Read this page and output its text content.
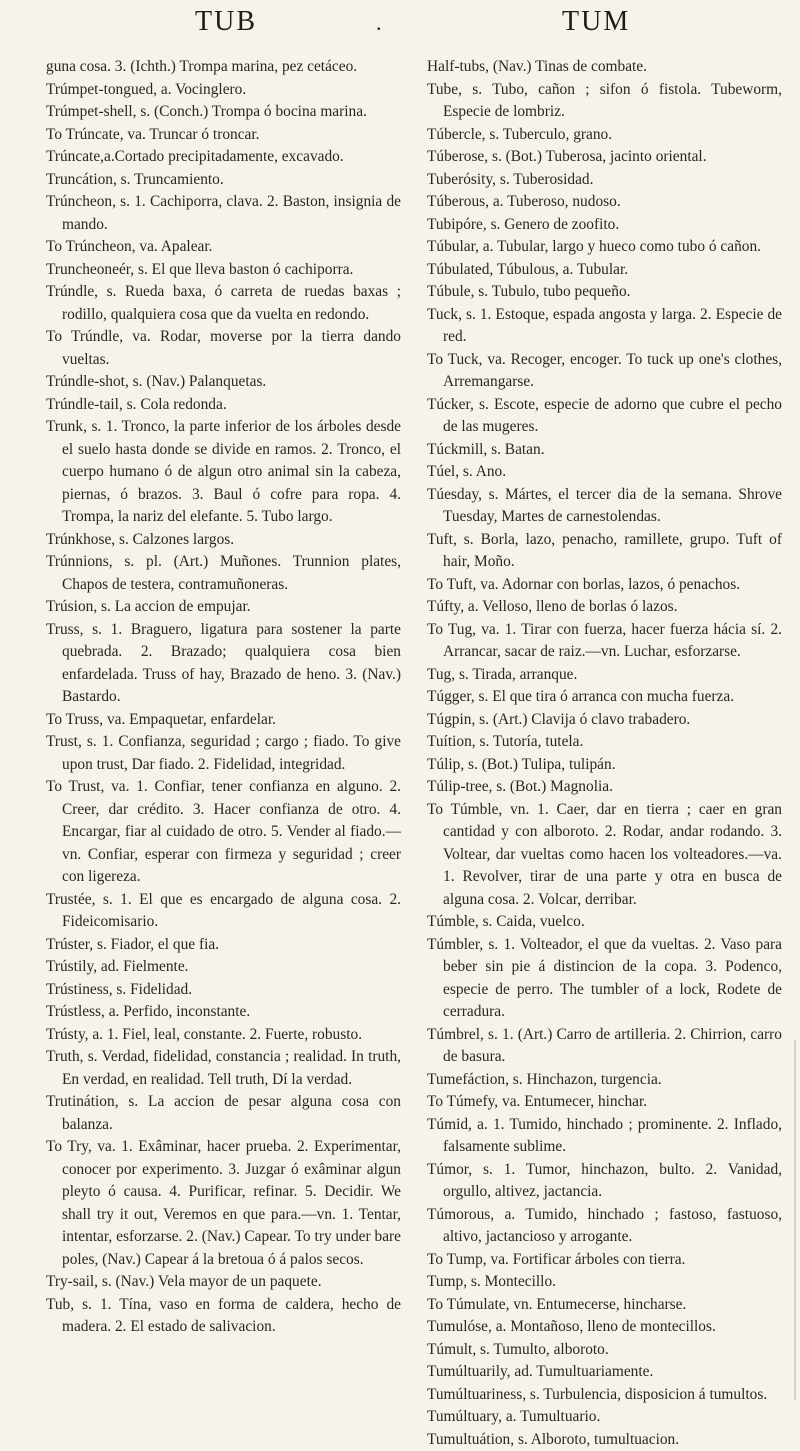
TUB	.	TUM
guna cosa. 3. (Ichth.) Trompa marina, pez cetáceo.
Trúmpet-tongued, a. Vocinglero.
Trúmpet-shell, s. (Conch.) Trompa ó bocina marina.
To Trúncate, va. Truncar ó troncar.
Trúncate,a.Cortado precipitadamente, excavado.
Truncátion, s. Truncamiento.
Trúncheon, s. 1. Cachiporra, clava. 2. Baston, insignia de mando.
To Trúncheon, va. Apalear.
Truncheoneér, s. El que lleva baston ó cachiporra.
Trúndle, s. Rueda baxa, ó carreta de ruedas baxas ; rodillo, qualquiera cosa que da vuelta en redondo.
To Trúndle, va. Rodar, moverse por la tierra dando vueltas.
Trúndle-shot, s. (Nav.) Palanquetas.
Trúndle-tail, s. Cola redonda.
Trunk, s. 1. Tronco, la parte inferior de los árboles desde el suelo hasta donde se divide en ramos. 2. Tronco, el cuerpo humano ó de algun otro animal sin la cabeza, piernas, ó brazos. 3. Baul ó cofre para ropa. 4. Trompa, la nariz del elefante. 5. Tubo largo.
Trúnkhose, s. Calzones largos.
Trúnnions, s. pl. (Art.) Muñones. Trunnion plates, Chapos de testera, contramuñoneras.
Trúsion, s. La accion de empujar.
Truss, s. 1. Braguero, ligatura para sostener la parte quebrada. 2. Brazado; qualquiera cosa bien enfardelada. Truss of hay, Brazado de heno. 3. (Nav.) Bastardo.
To Truss, va. Empaquetar, enfardelar.
Trust, s. 1. Confianza, seguridad ; cargo ; fiado. To give upon trust, Dar fiado. 2. Fidelidad, integridad.
To Trust, va. 1. Confiar, tener confianza en alguno. 2. Creer, dar crédito. 3. Hacer confianza de otro. 4. Encargar, fiar al cuidado de otro. 5. Vender al fiado.—vn. Confiar, esperar con firmeza y seguridad ; creer con ligereza.
Trustée, s. 1. El que es encargado de alguna cosa. 2. Fideicomisario.
Trúster, s. Fiador, el que fia.
Trústily, ad. Fielmente.
Trústiness, s. Fidelidad.
Trústless, a. Perfido, inconstante.
Trústy, a. 1. Fiel, leal, constante. 2. Fuerte, robusto.
Truth, s. Verdad, fidelidad, constancia ; realidad. In truth, En verdad, en realidad. Tell truth, Dí la verdad.
Trutinátion, s. La accion de pesar alguna cosa con balanza.
To Try, va. 1. Exâminar, hacer prueba. 2. Experimentar, conocer por experimento. 3. Juzgar ó exâminar algun pleyto ó causa. 4. Purificar, refinar. 5. Decidir. We shall try it out, Veremos en que para.—vn. 1. Tentar, intentar, esforzarse. 2. (Nav.) Capear. To try under bare poles, (Nav.) Capear á la bretoua ó á palos secos.
Try-sail, s. (Nav.) Vela mayor de un paquete.
Tub, s. 1. Tína, vaso en forma de caldera, hecho de madera. 2. El estado de salivacion.
Half-tubs, (Nav.) Tinas de combate.
Tube, s. Tubo, cañon ; sifon ó fistola. Tubeworm, Especie de lombriz.
Túbercle, s. Tuberculo, grano.
Túberose, s. (Bot.) Tuberosa, jacinto oriental.
Tuberósity, s. Tuberosidad.
Túberous, a. Tuberoso, nudoso.
Tubipóre, s. Genero de zoofito.
Túbular, a. Tubular, largo y hueco como tubo ó cañon.
Túbulated, Túbulous, a. Tubular.
Túbule, s. Tubulo, tubo pequeño.
Tuck, s. 1. Estoque, espada angosta y larga. 2. Especie de red.
To Tuck, va. Recoger, encoger. To tuck up one's clothes, Arremangarse.
Túcker, s. Escote, especie de adorno que cubre el pecho de las mugeres.
Túckmill, s. Batan.
Túel, s. Ano.
Túesday, s. Mártes, el tercer dia de la semana. Shrove Tuesday, Martes de carnestolendas.
Tuft, s. Borla, lazo, penacho, ramillete, grupo. Tuft of hair, Moño.
To Tuft, va. Adornar con borlas, lazos, ó penachos.
Túfty, a. Velloso, lleno de borlas ó lazos.
To Tug, va. 1. Tirar con fuerza, hacer fuerza hácia sí. 2. Arrancar, sacar de raiz.—vn. Luchar, esforzarse.
Tug, s. Tirada, arranque.
Túgger, s. El que tira ó arranca con mucha fuerza.
Túgpin, s. (Art.) Clavija ó clavo trabadero.
Tuítion, s. Tutoría, tutela.
Túlip, s. (Bot.) Tulipa, tulipán.
Túlip-tree, s. (Bot.) Magnolia.
To Túmble, vn. 1. Caer, dar en tierra ; caer en gran cantidad y con alboroto. 2. Rodar, andar rodando. 3. Voltear, dar vueltas como hacen los volteadores.—va. 1. Revolver, tirar de una parte y otra en busca de alguna cosa. 2. Volcar, derribar.
Túmble, s. Caida, vuelco.
Túmbler, s. 1. Volteador, el que da vueltas. 2. Vaso para beber sin pie á distincion de la copa. 3. Podenco, especie de perro. The tumbler of a lock, Rodete de cerradura.
Túmbrel, s. 1. (Art.) Carro de artilleria. 2. Chirrion, carro de basura.
Tumefáction, s. Hinchazon, turgencia.
To Túmefy, va. Entumecer, hinchar.
Túmid, a. 1. Tumido, hinchado ; prominente. 2. Inflado, falsamente sublime.
Túmor, s. 1. Tumor, hinchazon, bulto. 2. Vanidad, orgullo, altivez, jactancia.
Túmorous, a. Tumido, hinchado ; fastoso, fastuoso, altivo, jactancioso y arrogante.
To Tump, va. Fortificar árboles con tierra.
Tump, s. Montecillo.
To Túmulate, vn. Entumecerse, hincharse.
Tumulóse, a. Montañoso, lleno de montecillos.
Túmult, s. Tumulto, alboroto.
Tumúltuarily, ad. Tumultuariamente.
Tumúltuariness, s. Turbulencia, disposicion á tumultos.
Tumúltuary, a. Tumultuario.
Tumultuátion, s. Alboroto, tumultuacion.
